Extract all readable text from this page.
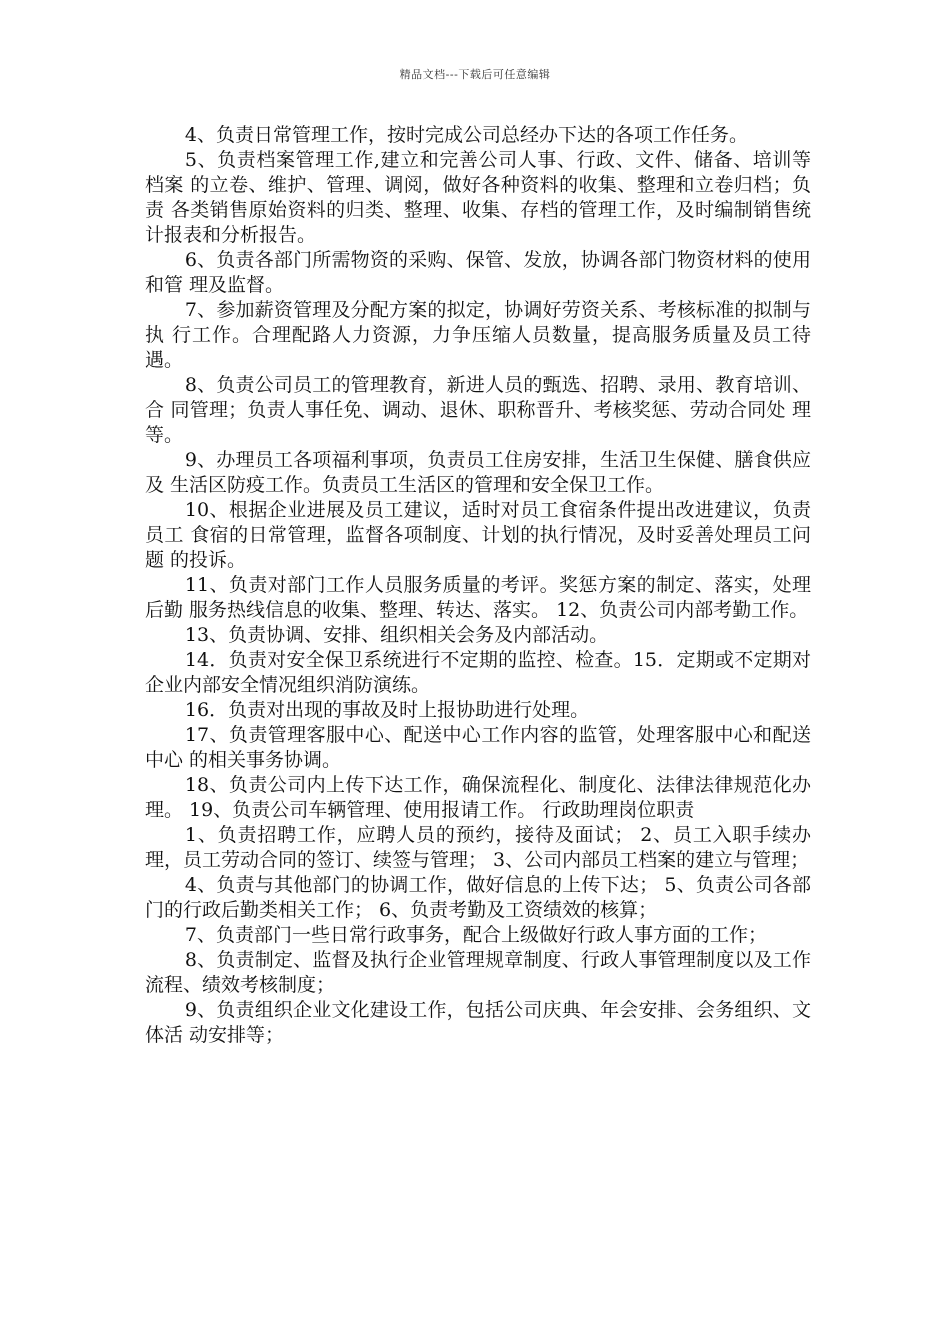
精品文档---下载后可任意编辑

4、负责日常管理工作，按时完成公司总经办下达的各项工作任务。

5、负责档案管理工作,建立和完善公司人事、行政、文件、储备、培训等档案 的立卷、维护、管理、调阅，做好各种资料的收集、整理和立卷归档；负责 各类销售原始资料的归类、整理、收集、存档的管理工作，及时编制销售统 计报表和分析报告。

6、负责各部门所需物资的采购、保管、发放，协调各部门物资材料的使用和管 理及监督。

7、参加薪资管理及分配方案的拟定，协调好劳资关系、考核标准的拟制与执 行工作。合理配路人力资源，力争压缩人员数量，提高服务质量及员工待 遇。

8、负责公司员工的管理教育，新进人员的甄选、招聘、录用、教育培训、合 同管理；负责人事任免、调动、退休、职称晋升、考核奖惩、劳动合同处 理等。

9、办理员工各项福利事项，负责员工住房安排，生活卫生保健、膳食供应及 生活区防疫工作。负责员工生活区的管理和安全保卫工作。

10、根据企业进展及员工建议，适时对员工食宿条件提出改进建议，负责员工 食宿的日常管理，监督各项制度、计划的执行情况，及时妥善处理员工问题 的投诉。

11、负责对部门工作人员服务质量的考评。奖惩方案的制定、落实，处理后勤 服务热线信息的收集、整理、转达、落实。 12、负责公司内部考勤工作。

13、负责协调、安排、组织相关会务及内部活动。

14．负责对安全保卫系统进行不定期的监控、检查。15．定期或不定期对 企业内部安全情况组织消防演练。

16．负责对出现的事故及时上报协助进行处理。

17、负责管理客服中心、配送中心工作内容的监管，处理客服中心和配送中心 的相关事务协调。

18、负责公司内上传下达工作，确保流程化、制度化、法律法律规范化办理。 19、负责公司车辆管理、使用报请工作。 行政助理岗位职责

1、负责招聘工作，应聘人员的预约，接待及面试； 2、员工入职手续办理，员工劳动合同的签订、续签与管理； 3、公司内部员工档案的建立与管理；

4、负责与其他部门的协调工作，做好信息的上传下达； 5、负责公司各部门的行政后勤类相关工作； 6、负责考勤及工资绩效的核算；

7、负责部门一些日常行政事务，配合上级做好行政人事方面的工作；

8、负责制定、监督及执行企业管理规章制度、行政人事管理制度以及工作流程、绩效考核制度；

9、负责组织企业文化建设工作，包括公司庆典、年会安排、会务组织、文体活 动安排等；
